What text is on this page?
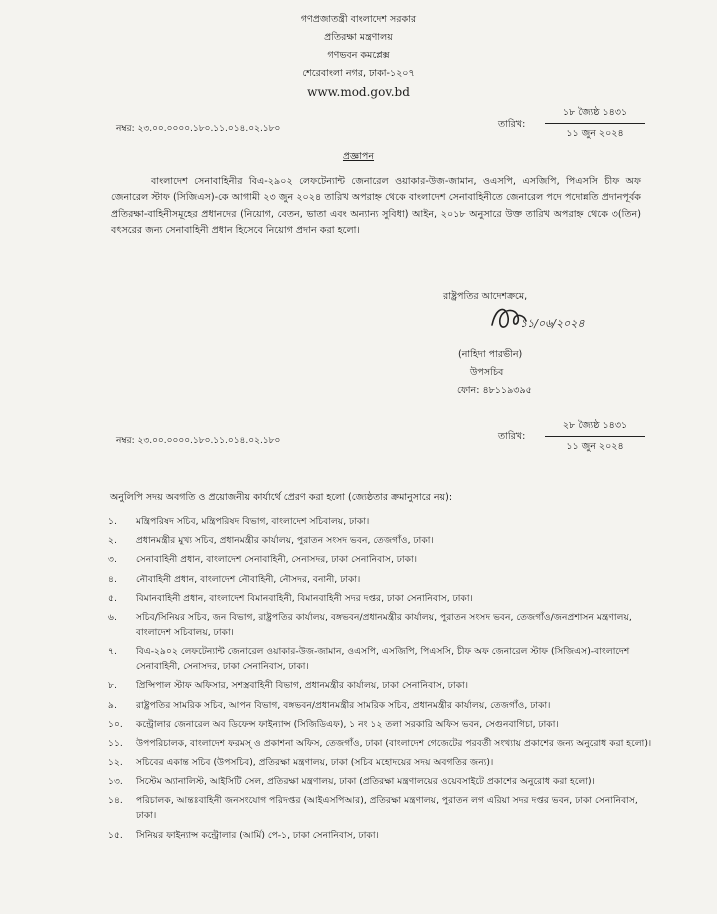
গণপ্রজাতন্ত্রী বাংলাদেশ সরকার
প্রতিরক্ষা মন্ত্রণালয়
গণভবন কমপ্লেক্স
শেরেবাংলা নগর, ঢাকা-১২০৭
www.mod.gov.bd
নম্বর: ২৩.০০.০০০০.১৮০.১১.০১৪.০২.১৮০	তারিখ:
১৮ জ্যৈষ্ঠ ১৪৩১
১১ জুন ২০২৪
প্রজ্ঞাপন
বাংলাদেশ সেনাবাহিনীর বিএ-২৯০২ লেফটেন্যান্ট জেনারেল ওয়াকার-উজ-জামান, ওএসপি, এসজিপি, পিএসসি চীফ অফ জেনারেল স্টাফ (সিজিএস)-কে আগামী ২৩ জুন ২০২৪ তারিখ অপরাহ্ন থেকে বাংলাদেশ সেনাবাহিনীতে জেনারেল পদে পদোন্নতি প্রদানপূর্বক প্রতিরক্ষা-বাহিনীসমূহের প্রধানদের (নিয়োগ, বেতন, ভাতা এবং অন্যান্য সুবিধা) আইন, ২০১৮ অনুসারে উক্ত তারিখ অপরাহ্ন থেকে ৩(তিন) বৎসরের জন্য সেনাবাহিনী প্রধান হিসেবে নিয়োগ প্রদান করা হলো।
রাষ্ট্রপতির আদেশক্রমে,
১১/০৬/২০২৪
(নাহিদা পারভীন)
উপসচিব
ফোন: ৪৮১১৯৩৯৫
নম্বর: ২৩.০০.০০০০.১৮০.১১.০১৪.০২.১৮০	তারিখ:
২৮ জ্যৈষ্ঠ ১৪৩১
১১ জুন ২০২৪
অনুলিপি সদয় অবগতি ও প্রয়োজনীয় কার্যার্থে প্রেরণ করা হলো (জ্যেষ্ঠতার ক্রমানুসারে নয়):
১. মন্ত্রিপরিষদ সচিব, মন্ত্রিপরিষদ বিভাগ, বাংলাদেশ সচিবালয়, ঢাকা।
২. প্রধানমন্ত্রীর মুখ্য সচিব, প্রধানমন্ত্রীর কার্যালয়, পুরাতন সংসদ ভবন, তেজগাঁও, ঢাকা।
৩. সেনাবাহিনী প্রধান, বাংলাদেশ সেনাবাহিনী, সেনাসদর, ঢাকা সেনানিবাস, ঢাকা।
৪. নৌবাহিনী প্রধান, বাংলাদেশ নৌবাহিনী, নৌসদর, বনানী, ঢাকা।
৫. বিমানবাহিনী প্রধান, বাংলাদেশ বিমানবাহিনী, বিমানবাহিনী সদর দপ্তর, ঢাকা সেনানিবাস, ঢাকা।
৬. সচিব/সিনিয়র সচিব, জন বিভাগ, রাষ্ট্রপতির কার্যালয়, বঙ্গভবন/প্রধানমন্ত্রীর কার্যালয়, পুরাতন সংসদ ভবন, তেজগাঁও/জনপ্রশাসন মন্ত্রণালয়, বাংলাদেশ সচিবালয়, ঢাকা।
৭. বিএ-২৯০২ লেফটেন্যান্ট জেনারেল ওয়াকার-উজ-জামান, ওএসপি, এসজিপি, পিএসসি, চীফ অফ জেনারেল স্টাফ (সিজিএস)-বাংলাদেশ সেনাবাহিনী, সেনাসদর, ঢাকা সেনানিবাস, ঢাকা।
৮. প্রিন্সিপাল স্টাফ অফিসার, সশস্ত্রবাহিনী বিভাগ, প্রধানমন্ত্রীর কার্যালয়, ঢাকা সেনানিবাস, ঢাকা।
৯. রাষ্ট্রপতির সামরিক সচিব, আপন বিভাগ, বঙ্গভবন/প্রধানমন্ত্রীর সামরিক সচিব, প্রধানমন্ত্রীর কার্যালয়, তেজগাঁও, ঢাকা।
১০. কন্ট্রোলার জেনারেল অব ডিফেন্স ফাইন্যান্স (সিজিডিএফ), ১ নং ১২ তলা সরকারি অফিস ভবন, সেগুনবাগিচা, ঢাকা।
১১. উপপরিচালক, বাংলাদেশ ফরমস্ ও প্রকাশনা অফিস, তেজগাঁও, ঢাকা (বাংলাদেশ গেজেটের পরবর্তী সংখ্যায় প্রকাশের জন্য অনুরোধ করা হলো)।
১২. সচিবের একান্ত সচিব (উপসচিব), প্রতিরক্ষা মন্ত্রণালয়, ঢাকা (সচিব মহোদয়ের সদয় অবগতির জন্য)।
১৩. সিস্টেম অ্যানালিস্ট, আইসিটি সেল, প্রতিরক্ষা মন্ত্রণালয়, ঢাকা (প্রতিরক্ষা মন্ত্রণালয়ের ওয়েবসাইটে প্রকাশের অনুরোধ করা হলো)।
১৪. পরিচালক, আন্তঃবাহিনী জনসংযোগ পরিদপ্তর (আইএসপিআর), প্রতিরক্ষা মন্ত্রণালয়, পুরাতন লগ এরিয়া সদর দপ্তর ভবন, ঢাকা সেনানিবাস, ঢাকা।
১৫. সিনিয়র ফাইন্যান্স কন্ট্রোলার (আর্মি) পে-১, ঢাকা সেনানিবাস, ঢাকা।
